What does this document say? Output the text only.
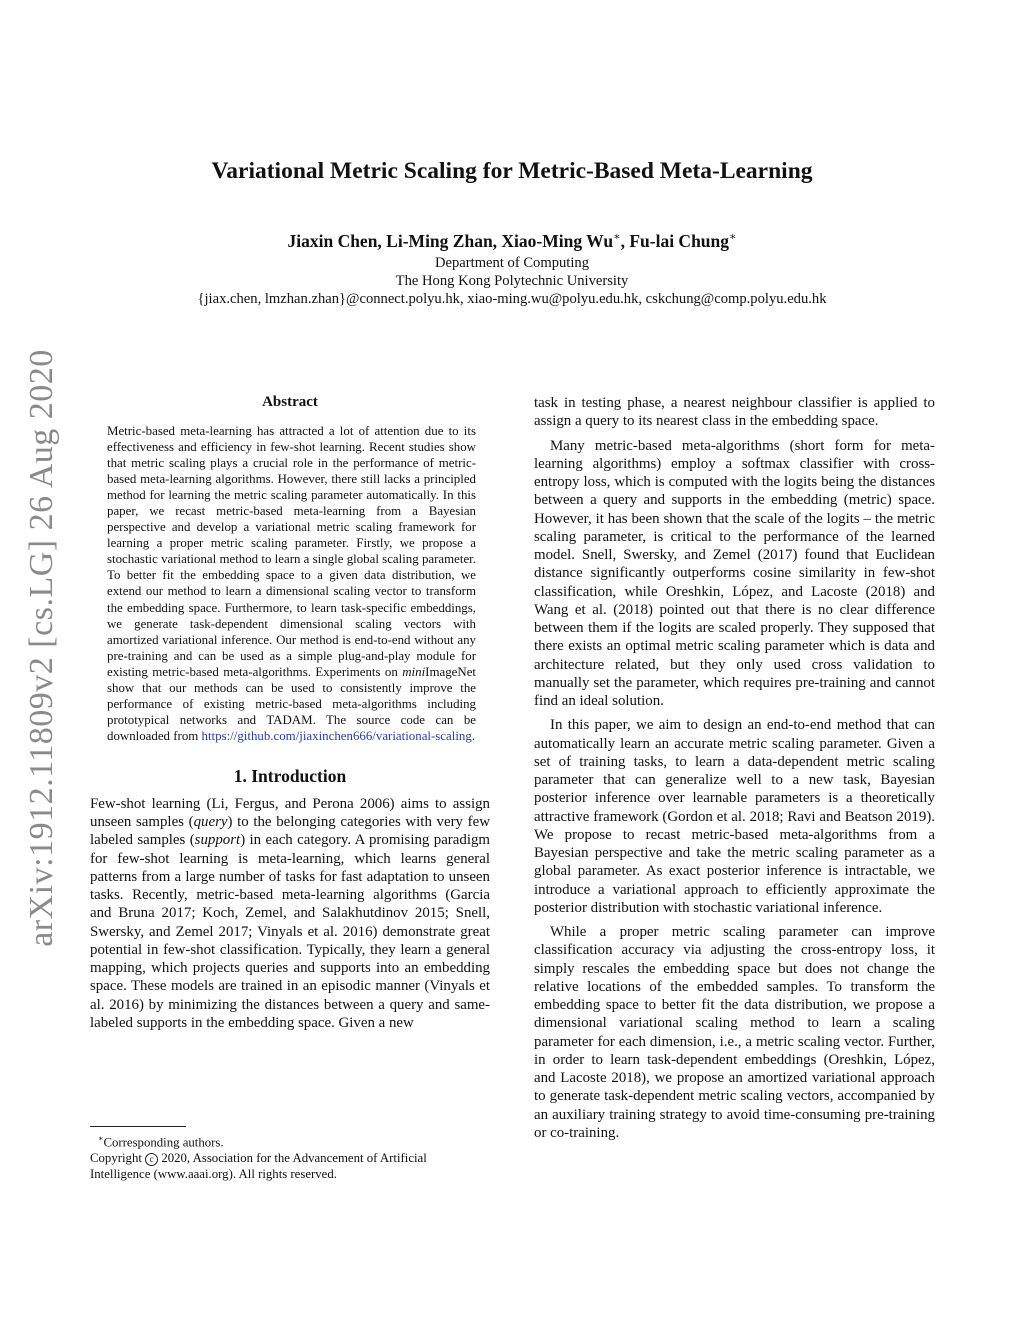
arXiv:1912.11809v2 [cs.LG] 26 Aug 2020
Variational Metric Scaling for Metric-Based Meta-Learning
Jiaxin Chen, Li-Ming Zhan, Xiao-Ming Wu∗, Fu-lai Chung∗
Department of Computing
The Hong Kong Polytechnic University
{jiax.chen, lmzhan.zhan}@connect.polyu.hk, xiao-ming.wu@polyu.edu.hk, cskchung@comp.polyu.edu.hk
Abstract
Metric-based meta-learning has attracted a lot of attention due to its effectiveness and efficiency in few-shot learning. Recent studies show that metric scaling plays a crucial role in the performance of metric-based meta-learning algorithms. However, there still lacks a principled method for learning the metric scaling parameter automatically. In this paper, we recast metric-based meta-learning from a Bayesian perspective and develop a variational metric scaling framework for learning a proper metric scaling parameter. Firstly, we propose a stochastic variational method to learn a single global scaling parameter. To better fit the embedding space to a given data distribution, we extend our method to learn a dimensional scaling vector to transform the embedding space. Furthermore, to learn task-specific embeddings, we generate task-dependent dimensional scaling vectors with amortized variational inference. Our method is end-to-end without any pre-training and can be used as a simple plug-and-play module for existing metric-based meta-algorithms. Experiments on miniImageNet show that our methods can be used to consistently improve the performance of existing metric-based meta-algorithms including prototypical networks and TADAM. The source code can be downloaded from https://github.com/jiaxinchen666/variational-scaling.
1. Introduction
Few-shot learning (Li, Fergus, and Perona 2006) aims to assign unseen samples (query) to the belonging categories with very few labeled samples (support) in each category. A promising paradigm for few-shot learning is meta-learning, which learns general patterns from a large number of tasks for fast adaptation to unseen tasks. Recently, metric-based meta-learning algorithms (Garcia and Bruna 2017; Koch, Zemel, and Salakhutdinov 2015; Snell, Swersky, and Zemel 2017; Vinyals et al. 2016) demonstrate great potential in few-shot classification. Typically, they learn a general mapping, which projects queries and supports into an embedding space. These models are trained in an episodic manner (Vinyals et al. 2016) by minimizing the distances between a query and same-labeled supports in the embedding space. Given a new
∗Corresponding authors.
Copyright c 2020, Association for the Advancement of Artificial
Intelligence (www.aaai.org). All rights reserved.
task in testing phase, a nearest neighbour classifier is applied to assign a query to its nearest class in the embedding space.
Many metric-based meta-algorithms (short form for meta-learning algorithms) employ a softmax classifier with cross-entropy loss, which is computed with the logits being the distances between a query and supports in the embedding (metric) space. However, it has been shown that the scale of the logits – the metric scaling parameter, is critical to the performance of the learned model. Snell, Swersky, and Zemel (2017) found that Euclidean distance significantly outperforms cosine similarity in few-shot classification, while Oreshkin, López, and Lacoste (2018) and Wang et al. (2018) pointed out that there is no clear difference between them if the logits are scaled properly. They supposed that there exists an optimal metric scaling parameter which is data and architecture related, but they only used cross validation to manually set the parameter, which requires pre-training and cannot find an ideal solution.
In this paper, we aim to design an end-to-end method that can automatically learn an accurate metric scaling parameter. Given a set of training tasks, to learn a data-dependent metric scaling parameter that can generalize well to a new task, Bayesian posterior inference over learnable parameters is a theoretically attractive framework (Gordon et al. 2018; Ravi and Beatson 2019). We propose to recast metric-based meta-algorithms from a Bayesian perspective and take the metric scaling parameter as a global parameter. As exact posterior inference is intractable, we introduce a variational approach to efficiently approximate the posterior distribution with stochastic variational inference.
While a proper metric scaling parameter can improve classification accuracy via adjusting the cross-entropy loss, it simply rescales the embedding space but does not change the relative locations of the embedded samples. To transform the embedding space to better fit the data distribution, we propose a dimensional variational scaling method to learn a scaling parameter for each dimension, i.e., a metric scaling vector. Further, in order to learn task-dependent embeddings (Oreshkin, López, and Lacoste 2018), we propose an amortized variational approach to generate task-dependent metric scaling vectors, accompanied by an auxiliary training strategy to avoid time-consuming pre-training or co-training.
